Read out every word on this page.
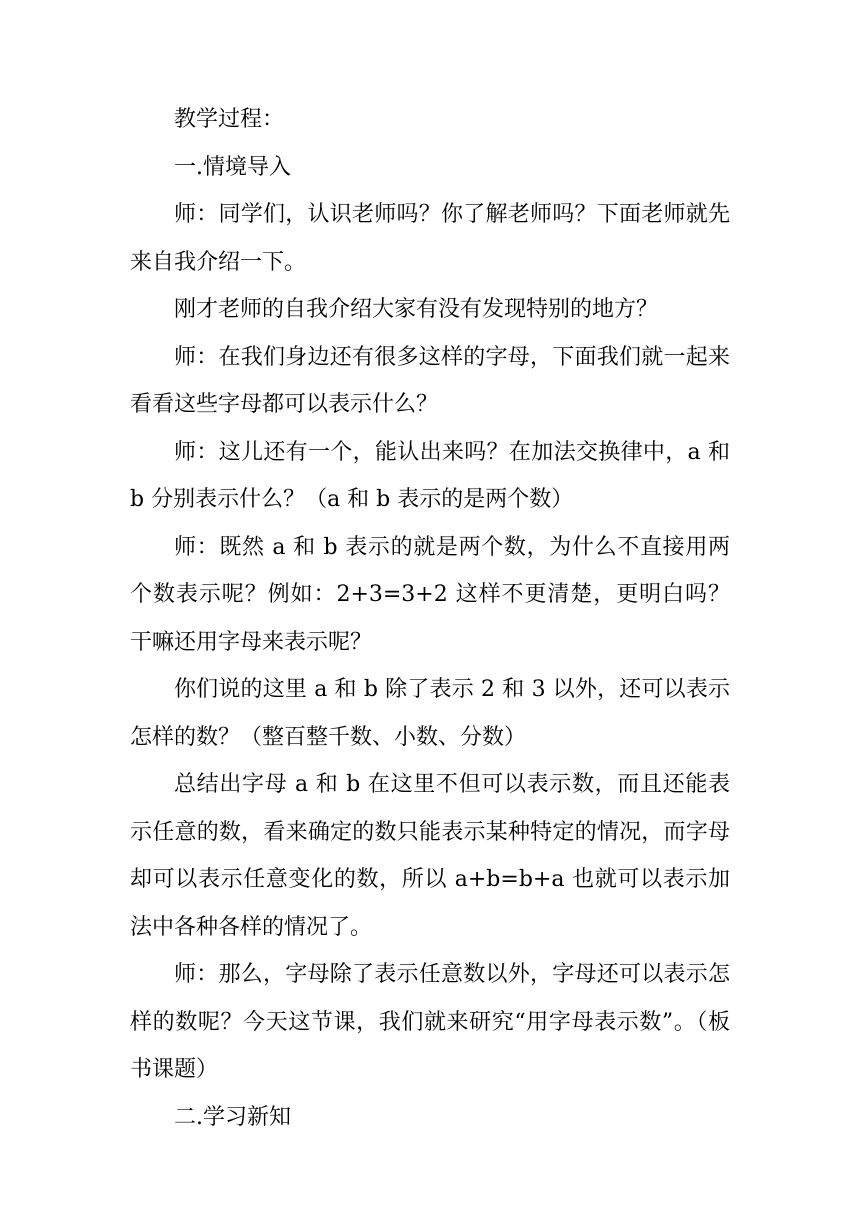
教学过程：

一.情境导入

师：同学们，认识老师吗？你了解老师吗？下面老师就先来自我介绍一下。

刚才老师的自我介绍大家有没有发现特别的地方？

师：在我们身边还有很多这样的字母，下面我们就一起来看看这些字母都可以表示什么？

师：这儿还有一个，能认出来吗？在加法交换律中，a 和 b 分别表示什么？（a 和 b 表示的是两个数）

师：既然 a 和 b 表示的就是两个数，为什么不直接用两个数表示呢？例如：2+3=3+2 这样不更清楚，更明白吗？干嘛还用字母来表示呢？

你们说的这里 a 和 b 除了表示 2 和 3 以外，还可以表示怎样的数？（整百整千数、小数、分数）

总结出字母 a 和 b 在这里不但可以表示数，而且还能表示任意的数，看来确定的数只能表示某种特定的情况，而字母却可以表示任意变化的数，所以 a+b=b+a 也就可以表示加法中各种各样的情况了。

师：那么，字母除了表示任意数以外，字母还可以表示怎样的数呢？今天这节课，我们就来研究“用字母表示数”。（板书课题）

二.学习新知
